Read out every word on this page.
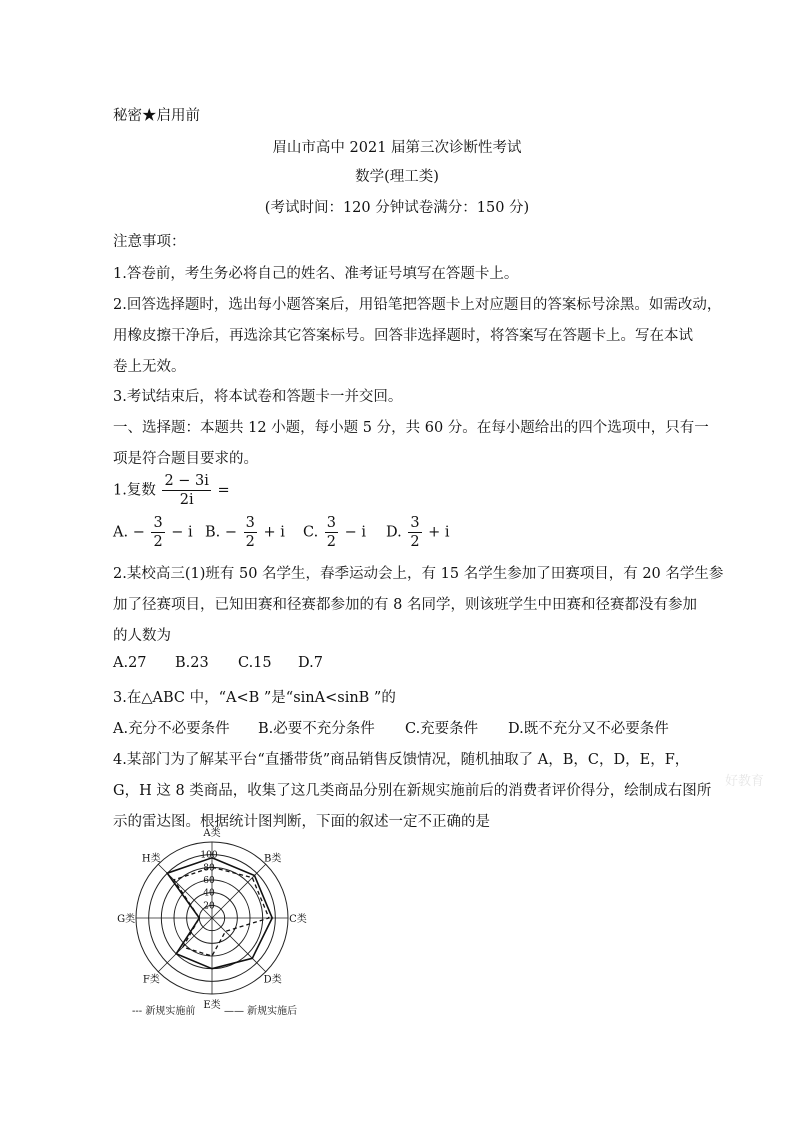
秘密★启用前
眉山市高中 2021 届第三次诊断性考试
数学(理工类)
(考试时间：120 分钟试卷满分：150 分)
注意事项：
1.答卷前，考生务必将自己的姓名、准考证号填写在答题卡上。
2.回答选择题时，选出每小题答案后，用铅笔把答题卡上对应题目的答案标号涂黑。如需改动，
用橡皮擦干净后，再选涂其它答案标号。回答非选择题时，将答案写在答题卡上。写在本试
卷上无效。
3.考试结束后，将本试卷和答题卡一并交回。
一、选择题：本题共 12 小题，每小题 5 分，共 60 分。在每小题给出的四个选项中，只有一
项是符合题目要求的。
1.复数 $\frac{2 - 3i}{2i}$ =
A. − $\frac{3}{2} - i$ B. − $\frac{3}{2} + i$ C. $\frac{3}{2} - i$ D. $\frac{3}{2} + i$
2.某校高三(1)班有 50 名学生，春季运动会上，有 15 名学生参加了田赛项目，有 20 名学生参
加了径赛项目，已知田赛和径赛都参加的有 8 名同学，则该班学生中田赛和径赛都没有参加
的人数为
A.27 B.23 C.15 D.7
3.在△ABC 中，“A<B ”是“sinA<sinB ”的
A.充分不必要条件 B.必要不充分条件 C.充要条件 D.既不充分又不必要条件
4.某部门为了解某平台“直播带货”商品销售反馈情况，随机抽取了 A，B，C，D，E，F，
G，H 这 8 类商品，收集了这几类商品分别在新规实施前后的消费者评价得分，绘制成右图所
示的雷达图。根据统计图判断，下面的叙述一定不正确的是
好教育
20
40
60
80
100
A类
B类
C类
D类
E类
F类
G类
H类
--- 新规实施前	—— 新规实施后
